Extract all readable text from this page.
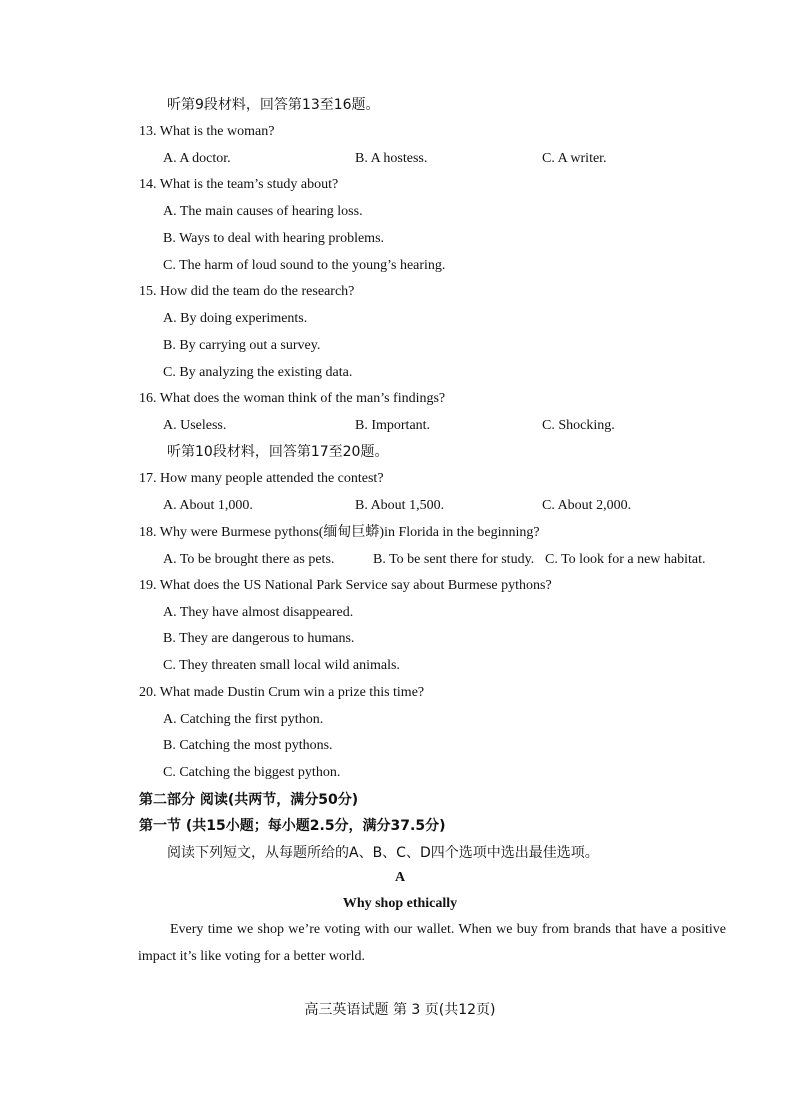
听第9段材料，回答第13至16题。
13. What is the woman?
A. A doctor.	B. A hostess.	C. A writer.
14. What is the team’s study about?
A. The main causes of hearing loss.
B. Ways to deal with hearing problems.
C. The harm of loud sound to the young’s hearing.
15. How did the team do the research?
A. By doing experiments.
B. By carrying out a survey.
C. By analyzing the existing data.
16. What does the woman think of the man’s findings?
A. Useless.	B. Important.	C. Shocking.
听第10段材料，回答第17至20题。
17. How many people attended the contest?
A. About 1,000.	B. About 1,500.	C. About 2,000.
18. Why were Burmese pythons(缅甸巨蟒)in Florida in the beginning?
A. To be brought there as pets.	B. To be sent there for study. C. To look for a new habitat.
19. What does the US National Park Service say about Burmese pythons?
A. They have almost disappeared.
B. They are dangerous to humans.
C. They threaten small local wild animals.
20. What made Dustin Crum win a prize this time?
A. Catching the first python.
B. Catching the most pythons.
C. Catching the biggest python.
第二部分 阅读(共两节，满分50分)
第一节 (共15小题；每小题2.5分，满分37.5分)
阅读下列短文，从每题所给的A、B、C、D四个选项中选出最佳选项。
A
Why shop ethically
Every time we shop we’re voting with our wallet. When we buy from brands that have a positive impact it’s like voting for a better world.
高三英语试题 第 3 页(共12页)
